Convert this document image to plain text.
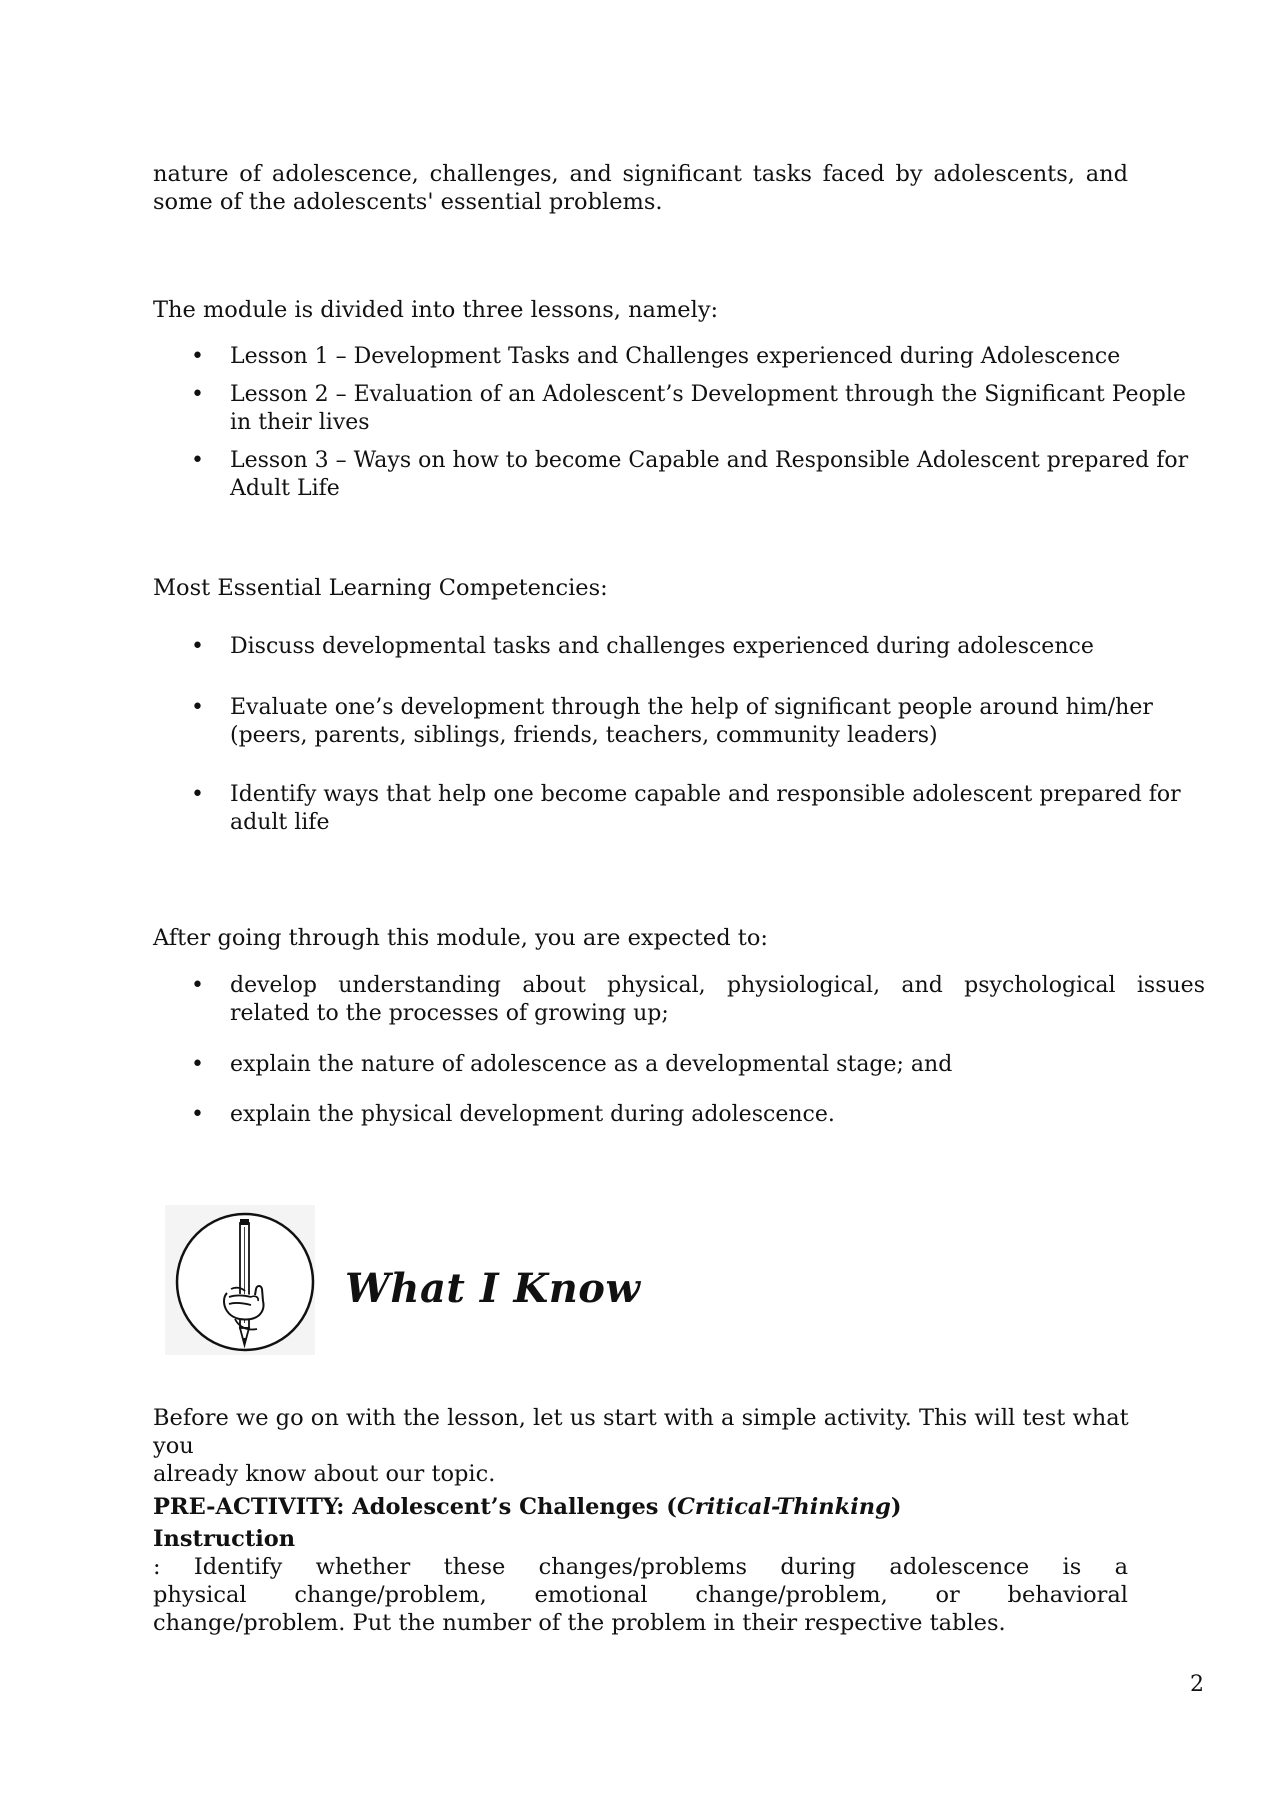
nature of adolescence, challenges, and significant tasks faced by adolescents, and
some of the adolescents' essential problems.
The module is divided into three lessons, namely:
• Lesson 1 – Development Tasks and Challenges experienced during Adolescence
• Lesson 2 – Evaluation of an Adolescent’s Development through the Significant People
in their lives
• Lesson 3 – Ways on how to become Capable and Responsible Adolescent prepared for
Adult Life
Most Essential Learning Competencies:
• Discuss developmental tasks and challenges experienced during adolescence
• Evaluate one’s development through the help of significant people around him/her
(peers, parents, siblings, friends, teachers, community leaders)
• Identify ways that help one become capable and responsible adolescent prepared for
adult life
After going through this module, you are expected to:
• develop understanding about physical, physiological, and psychological issues
related to the processes of growing up;
• explain the nature of adolescence as a developmental stage; and
• explain the physical development during adolescence.
What I Know
Before we go on with the lesson, let us start with a simple activity. This will test what you
already know about our topic.
PRE-ACTIVITY: Adolescent’s Challenges (Critical-Thinking)
Instruction
: Identify whether these changes/problems during adolescence is a
physical change/problem, emotional change/problem, or behavioral
change/problem. Put the number of the problem in their respective tables.
2
